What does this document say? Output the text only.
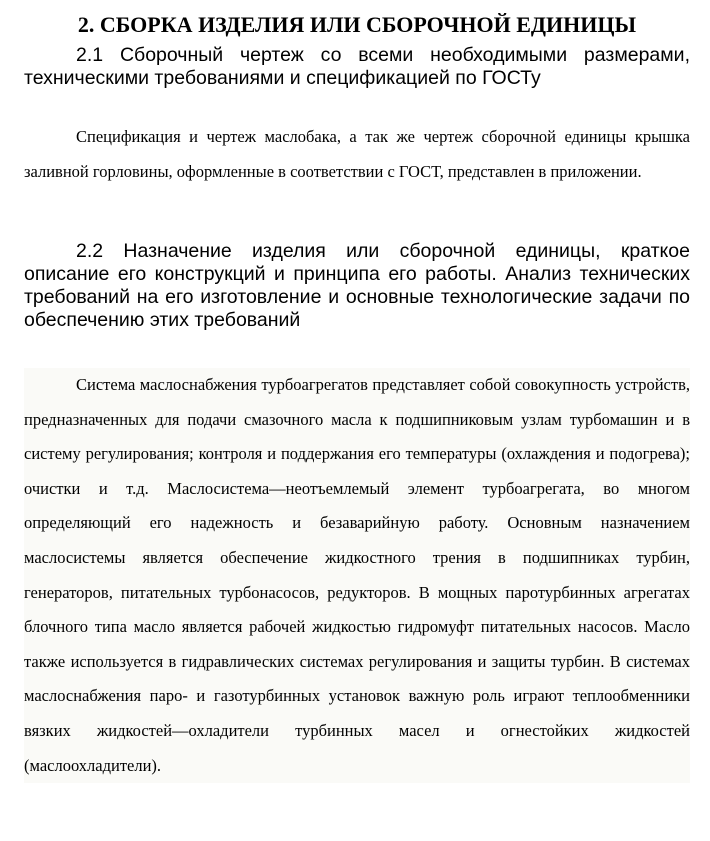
2. СБОРКА ИЗДЕЛИЯ ИЛИ СБОРОЧНОЙ ЕДИНИЦЫ

2.1 Сборочный чертеж со всеми необходимыми размерами, техническими требованиями и спецификацией по ГОСТу

Спецификация и чертеж маслобака, а так же чертеж сборочной единицы крышка заливной горловины, оформленные в соответствии с ГОСТ, представлен в приложении.

2.2 Назначение изделия или сборочной единицы, краткое описание его конструкций и принципа его работы. Анализ технических требований на его изготовление и основные технологические задачи по обеспечению этих требований

Система маслоснабжения турбоагрегатов представляет собой совокупность устройств, предназначенных для подачи смазочного масла к подшипниковым узлам турбомашин и в систему регулирования; контроля и поддержания его температуры (охлаждения и подогрева); очистки и т.д. Маслосистема—неотъемлемый элемент турбоагрегата, во многом определяющий его надежность и безаварийную работу. Основным назначением маслосистемы является обеспечение жидкостного трения в подшипниках турбин, генераторов, питательных турбонасосов, редукторов. В мощных паротурбинных агрегатах блочного типа масло является рабочей жидкостью гидромуфт питательных насосов. Масло также используется в гидравлических системах регулирования и защиты турбин. В системах маслоснабжения паро- и газотурбинных установок важную роль играют теплообменники вязких жидкостей—охладители турбинных масел и огнестойких жидкостей (маслоохладители).
